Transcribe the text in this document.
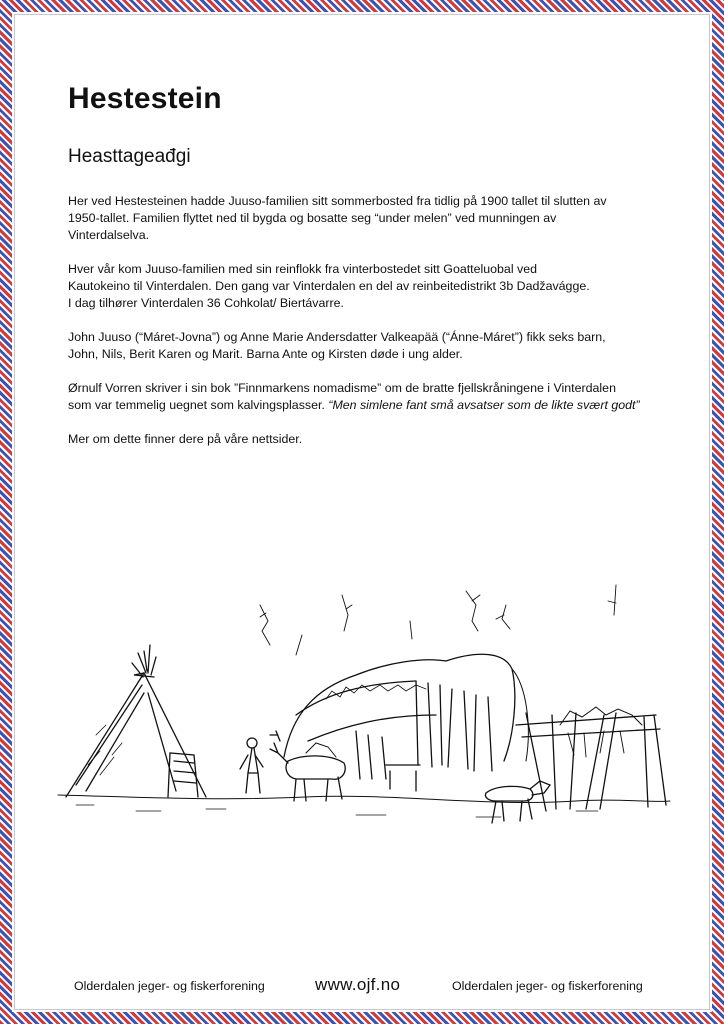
Hestestein
Heasttageađgi

Her ved Hestesteinen hadde Juuso-familien sitt sommerbosted fra tidlig på 1900 tallet til slutten av
1950-tallet. Familien flyttet ned til bygda og bosatte seg “under melen” ved munningen av
Vinterdalselva.

Hver vår kom Juuso-familien med sin reinflokk fra vinterbostedet sitt Goatteluobal ved
Kautokeino til Vinterdalen. Den gang var Vinterdalen en del av reinbeitedistrikt 3b Dadžavágge.
I dag tilhører Vinterdalen 36 Cohkolat/ Biertávarre.

John Juuso (“Máret-Jovna”) og Anne Marie Andersdatter Valkeapää (“Ánne-Máret”) fikk seks barn,
John, Nils, Berit Karen og Marit. Barna Ante og Kirsten døde i ung alder.

Ørnulf Vorren skriver i sin bok ”Finnmarkens nomadisme” om de bratte fjellskråningene i Vinterdalen
som var temmelig uegnet som kalvingsplasser. “Men simlene fant små avsatser som de likte svært godt”

Mer om dette finner dere på våre nettsider.

Olderdalen jeger- og fiskerforening	www.ojf.no	Olderdalen jeger- og fiskerforening
